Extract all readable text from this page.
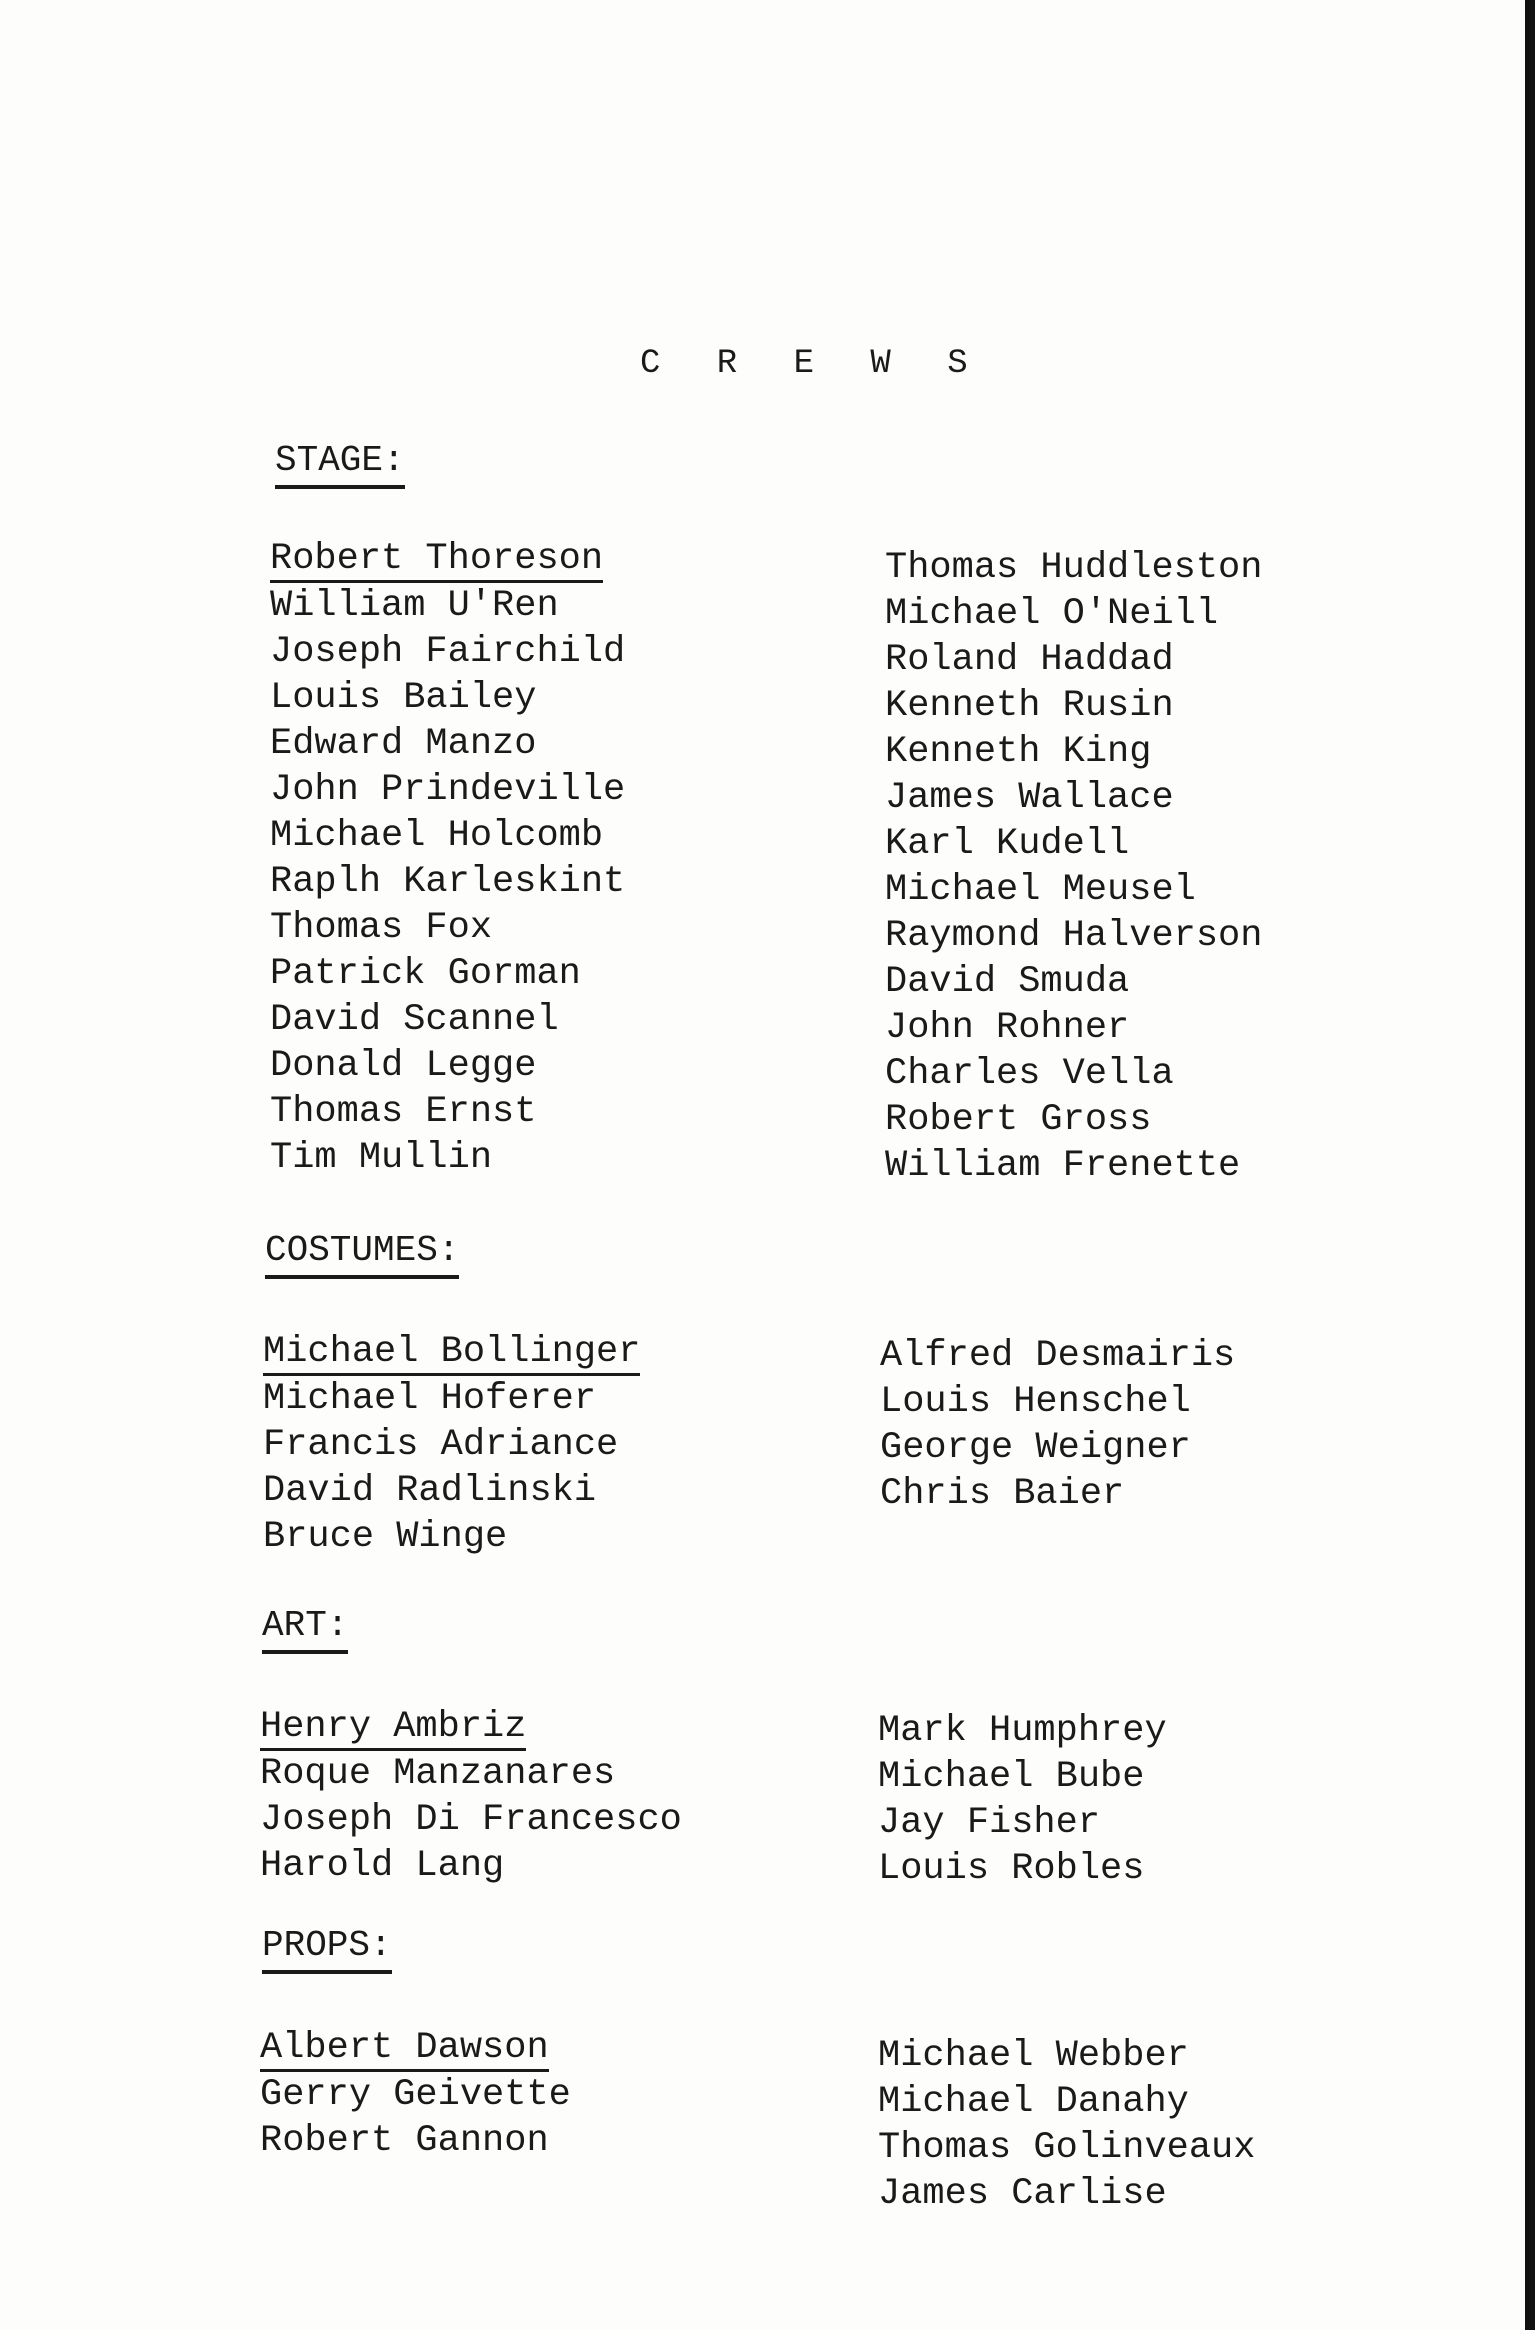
C R E W S
STAGE:
Robert Thoreson
William U'Ren
Joseph Fairchild
Louis Bailey
Edward Manzo
John Prindeville
Michael Holcomb
Raplh Karleskint
Thomas Fox
Patrick Gorman
David Scannel
Donald Legge
Thomas Ernst
Tim Mullin
Thomas Huddleston
Michael O'Neill
Roland Haddad
Kenneth Rusin
Kenneth King
James Wallace
Karl Kudell
Michael Meusel
Raymond Halverson
David Smuda
John Rohner
Charles Vella
Robert Gross
William Frenette
COSTUMES:
Michael Bollinger
Michael Hoferer
Francis Adriance
David Radlinski
Bruce Winge
Alfred Desmairis
Louis Henschel
George Weigner
Chris Baier
ART:
Henry Ambriz
Roque Manzanares
Joseph Di Francesco
Harold Lang
Mark Humphrey
Michael Bube
Jay Fisher
Louis Robles
PROPS:
Albert Dawson
Gerry Geivette
Robert Gannon
Michael Webber
Michael Danahy
Thomas Golinveaux
James Carlise
